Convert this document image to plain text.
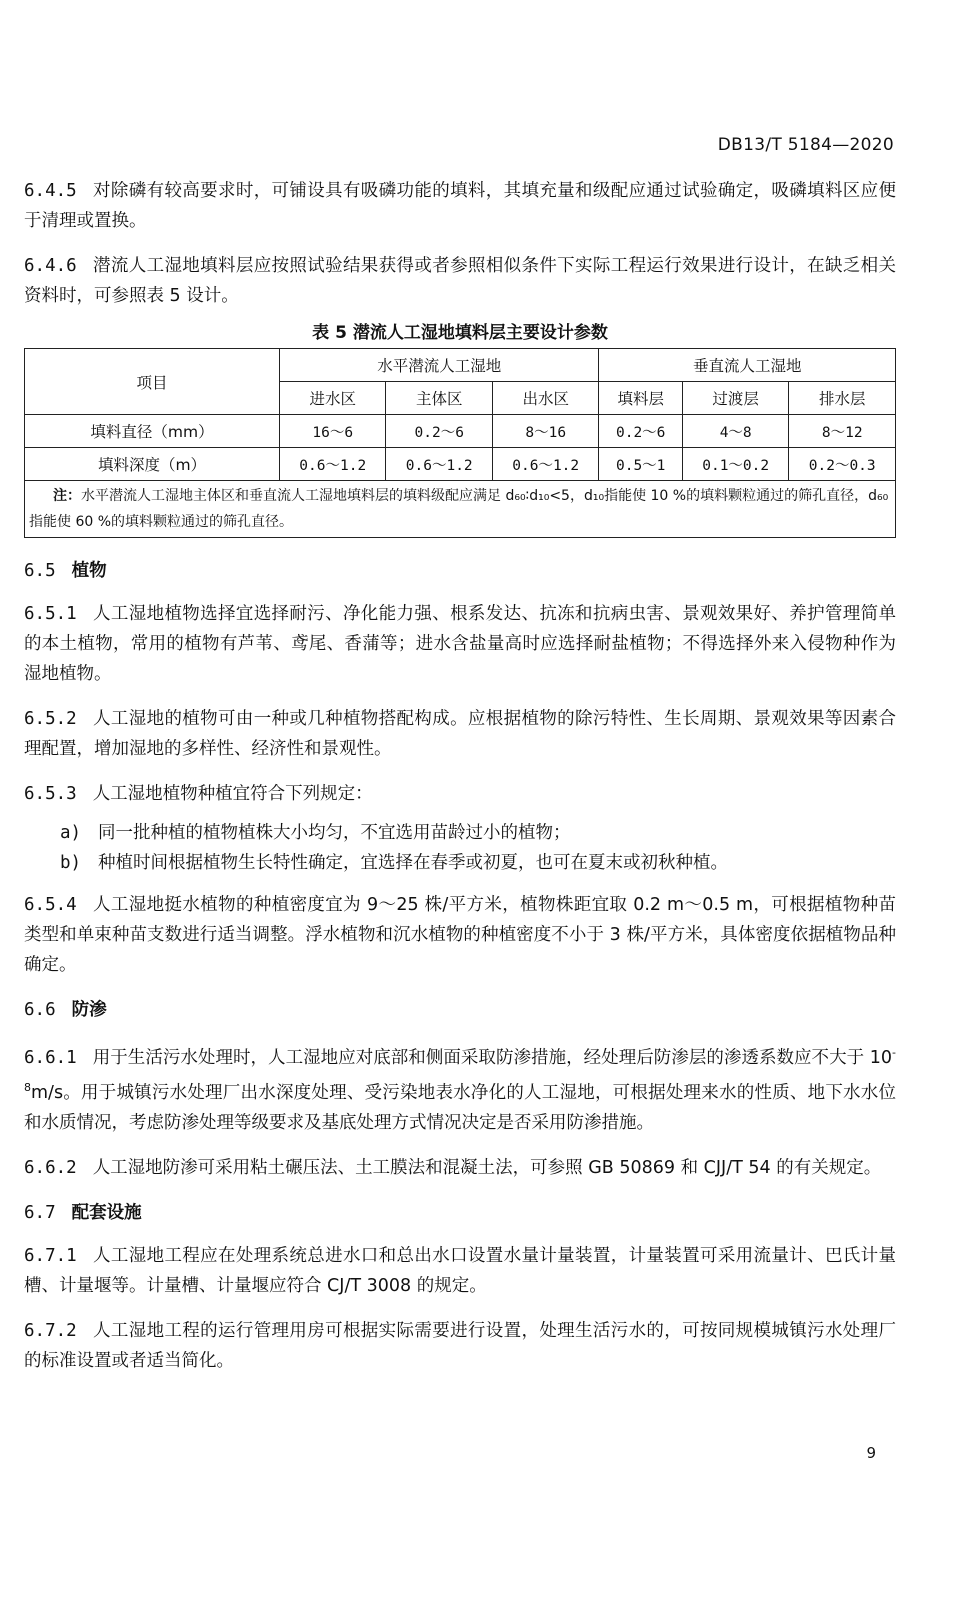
DB13/T 5184—2020

6.4.5 对除磷有较高要求时，可铺设具有吸磷功能的填料，其填充量和级配应通过试验确定，吸磷填料区应便于清理或置换。

6.4.6 潜流人工湿地填料层应按照试验结果获得或者参照相似条件下实际工程运行效果进行设计，在缺乏相关资料时，可参照表 5 设计。

表 5 潜流人工湿地填料层主要设计参数
项目	水平潜流人工湿地			垂直流人工湿地		
	进水区	主体区	出水区	填料层	过渡层	排水层
填料直径（mm）	16～6	0.2～6	8～16	0.2～6	4～8	8～12
填料深度（m）	0.6～1.2	0.6～1.2	0.6～1.2	0.5～1	0.1～0.2	0.2～0.3
注：水平潜流人工湿地主体区和垂直流人工湿地填料层的填料级配应满足 d₆₀∶d₁₀<5，d₁₀指能使 10 %的填料颗粒通过的筛孔直径，d₆₀指能使 60 %的填料颗粒通过的筛孔直径。						
6.5 植物

6.5.1 人工湿地植物选择宜选择耐污、净化能力强、根系发达、抗冻和抗病虫害、景观效果好、养护管理简单的本土植物，常用的植物有芦苇、鸢尾、香蒲等；进水含盐量高时应选择耐盐植物；不得选择外来入侵物种作为湿地植物。

6.5.2 人工湿地的植物可由一种或几种植物搭配构成。应根据植物的除污特性、生长周期、景观效果等因素合理配置，增加湿地的多样性、经济性和景观性。

6.5.3 人工湿地植物种植宜符合下列规定：

a) 同一批种植的植物植株大小均匀，不宜选用苗龄过小的植物；
b) 种植时间根据植物生长特性确定，宜选择在春季或初夏，也可在夏末或初秋种植。

6.5.4 人工湿地挺水植物的种植密度宜为 9～25 株/平方米，植物株距宜取 0.2 m～0.5 m，可根据植物种苗类型和单束种苗支数进行适当调整。浮水植物和沉水植物的种植密度不小于 3 株/平方米，具体密度依据植物品种确定。

6.6 防渗

6.6.1 用于生活污水处理时，人工湿地应对底部和侧面采取防渗措施，经处理后防渗层的渗透系数应不大于 $10^{-8}m/s$。用于城镇污水处理厂出水深度处理、受污染地表水净化的人工湿地，可根据处理来水的性质、地下水水位和水质情况，考虑防渗处理等级要求及基底处理方式情况决定是否采用防渗措施。

6.6.2 人工湿地防渗可采用粘土碾压法、土工膜法和混凝土法，可参照 GB 50869 和 CJJ/T 54 的有关规定。

6.7 配套设施

6.7.1 人工湿地工程应在处理系统总进水口和总出水口设置水量计量装置，计量装置可采用流量计、巴氏计量槽、计量堰等。计量槽、计量堰应符合 CJ/T 3008 的规定。

6.7.2 人工湿地工程的运行管理用房可根据实际需要进行设置，处理生活污水的，可按同规模城镇污水处理厂的标准设置或者适当简化。

9
